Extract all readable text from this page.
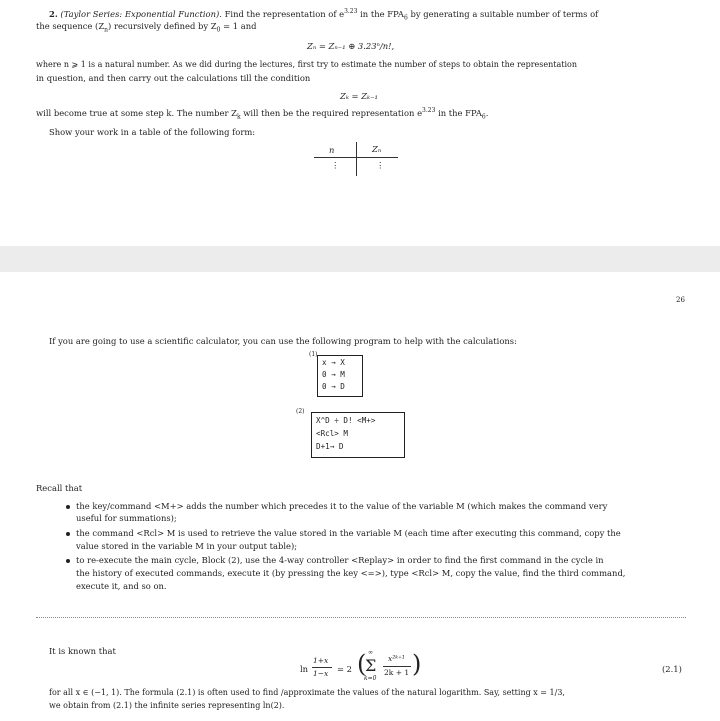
2. (Taylor Series: Exponential Function). Find the representation of $e^{3.23}$ in the $FPA_6$ by generating a suitable number of terms of
the sequence $(Z_n)$ recursively defined by $Z_0 = 1$ and
Zₙ = Zₙ₋₁ ⊕ 3.23ⁿ/n!,
where n ⩾ 1 is a natural number. As we did during the lectures, first try to estimate the number of steps to obtain the representation
in question, and then carry out the calculations till the condition
Zₖ = Zₖ₋₁
will become true at some step k. The number $Z_k$ will then be the required representation $e^{3.23}$ in the $FPA_6$.
Show your work in a table of the following form:
n	Zₙ
⋮	⋮
26
If you are going to use a scientific calculator, you can use the following program to help with the calculations:
(1)
x → X
0 → M
0 → D
(2)
X^D ÷ D! <M+>
<Rcl> M
D+1→ D
Recall that
the key/command <M+> adds the number which precedes it to the value of the variable M (which makes the command very
useful for summations);
the command <Rcl> M is used to retrieve the value stored in the variable M (each time after executing this command, copy the
value stored in the variable M in your output table);
to re-execute the main cycle, Block (2), use the 4-way controller <Replay> in order to find the first command in the cycle in
the history of executed commands, execute it (by pressing the key <=>), type <Rcl> M, copy the value, find the third command,
execute it, and so on.
It is known that
ln
1+x
1−x = 2 ( ∞
Σ
k=0
x²ᵏ⁺¹
2k + 1 )	(2.1)
for all x ∈ (−1, 1). The formula (2.1) is often used to find /approximate the values of the natural logarithm. Say, setting x = 1/3,
we obtain from (2.1) the infinite series representing ln(2).
